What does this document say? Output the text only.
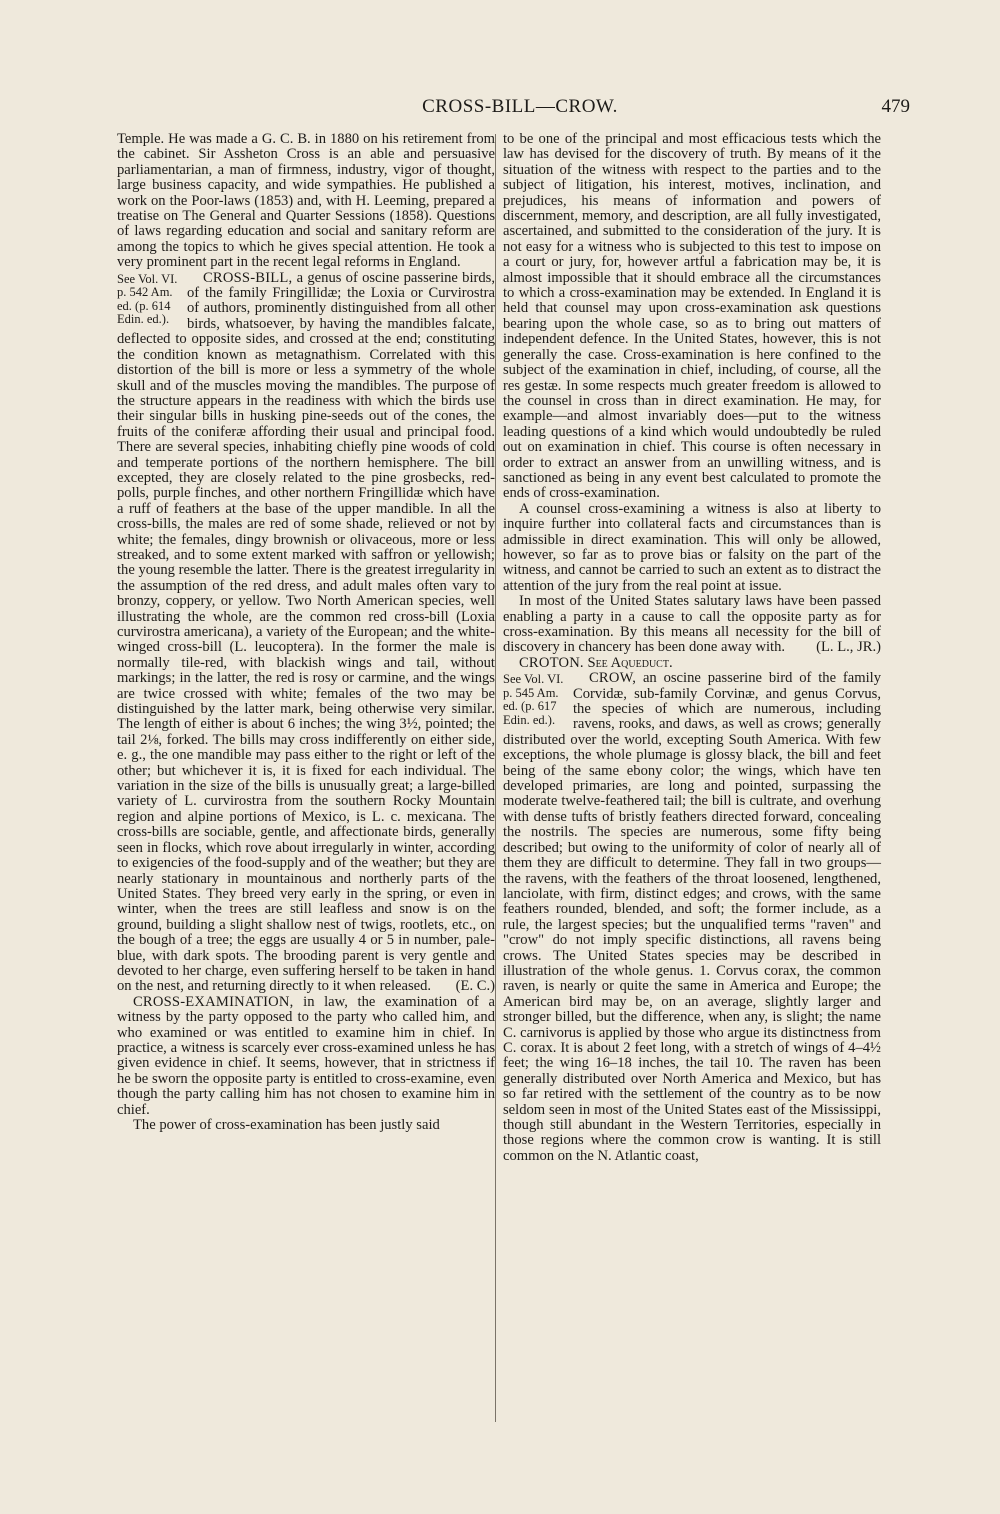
CROSS-BILL—CROW.	479

Temple. He was made a G. C. B. in 1880 on his retirement from the cabinet. Sir Assheton Cross is an able and persuasive parliamentarian, a man of firmness, industry, vigor of thought, large business capacity, and wide sympathies. He published a work on the Poor-laws (1853) and, with H. Leeming, prepared a treatise on The General and Quarter Sessions (1858). Questions of laws regarding education and social and sanitary reform are among the topics to which he gives special attention. He took a very prominent part in the recent legal reforms in England.

CROSS-BILL,
See Vol. VI. p. 542 Am. ed. (p. 614 Edin. ed.).
a genus of oscine passerine birds, of the family Fringillidæ; the Loxia or Curvirostra of authors, prominently distinguished from all other birds, whatsoever, by having the mandibles falcate, deflected to opposite sides, and crossed at the end; constituting the condition known as metagnathism. Correlated with this distortion of the bill is more or less a symmetry of the whole skull and of the muscles moving the mandibles. The purpose of the structure appears in the readiness with which the birds use their singular bills in husking pine-seeds out of the cones, the fruits of the coniferæ affording their usual and principal food. There are several species, inhabiting chiefly pine woods of cold and temperate portions of the northern hemisphere. The bill excepted, they are closely related to the pine grosbecks, red-polls, purple finches, and other northern Fringillidæ which have a ruff of feathers at the base of the upper mandible. In all the cross-bills, the males are red of some shade, relieved or not by white; the females, dingy brownish or olivaceous, more or less streaked, and to some extent marked with saffron or yellowish; the young resemble the latter. There is the greatest irregularity in the assumption of the red dress, and adult males often vary to bronzy, coppery, or yellow. Two North American species, well illustrating the whole, are the common red cross-bill (Loxia curvirostra americana), a variety of the European; and the white-winged cross-bill (L. leucoptera). In the former the male is normally tile-red, with blackish wings and tail, without markings; in the latter, the red is rosy or carmine, and the wings are twice crossed with white; females of the two may be distinguished by the latter mark, being otherwise very similar. The length of either is about 6 inches; the wing 3½, pointed; the tail 2⅛, forked. The bills may cross indifferently on either side, e. g., the one mandible may pass either to the right or left of the other; but whichever it is, it is fixed for each individual. The variation in the size of the bills is unusually great; a large-billed variety of L. curvirostra from the southern Rocky Mountain region and alpine portions of Mexico, is L. c. mexicana. The cross-bills are sociable, gentle, and affectionate birds, generally seen in flocks, which rove about irregularly in winter, according to exigencies of the food-supply and of the weather; but they are nearly stationary in mountainous and northerly parts of the United States. They breed very early in the spring, or even in winter, when the trees are still leafless and snow is on the ground, building a slight shallow nest of twigs, rootlets, etc., on the bough of a tree; the eggs are usually 4 or 5 in number, pale-blue, with dark spots. The brooding parent is very gentle and devoted to her charge, even suffering herself to be taken in hand on the nest, and returning directly to it when released.	(E. C.)

CROSS-EXAMINATION, in law, the examination of a witness by the party opposed to the party who called him, and who examined or was entitled to examine him in chief. In practice, a witness is scarcely ever cross-examined unless he has given evidence in chief. It seems, however, that in strictness if he be sworn the opposite party is entitled to cross-examine, even though the party calling him has not chosen to examine him in chief.

The power of cross-examination has been justly said

to be one of the principal and most efficacious tests which the law has devised for the discovery of truth. By means of it the situation of the witness with respect to the parties and to the subject of litigation, his interest, motives, inclination, and prejudices, his means of information and powers of discernment, memory, and description, are all fully investigated, ascertained, and submitted to the consideration of the jury. It is not easy for a witness who is subjected to this test to impose on a court or jury, for, however artful a fabrication may be, it is almost impossible that it should embrace all the circumstances to which a cross-examination may be extended. In England it is held that counsel may upon cross-examination ask questions bearing upon the whole case, so as to bring out matters of independent defence. In the United States, however, this is not generally the case. Cross-examination is here confined to the subject of the examination in chief, including, of course, all the res gestæ. In some respects much greater freedom is allowed to the counsel in cross than in direct examination. He may, for example—and almost invariably does—put to the witness leading questions of a kind which would undoubtedly be ruled out on examination in chief. This course is often necessary in order to extract an answer from an unwilling witness, and is sanctioned as being in any event best calculated to promote the ends of cross-examination.

A counsel cross-examining a witness is also at liberty to inquire further into collateral facts and circumstances than is admissible in direct examination. This will only be allowed, however, so far as to prove bias or falsity on the part of the witness, and cannot be carried to such an extent as to distract the attention of the jury from the real point at issue.

In most of the United States salutary laws have been passed enabling a party in a cause to call the opposite party as for cross-examination. By this means all necessity for the bill of discovery in chancery has been done away with.	(L. L., JR.)

CROTON. See Aqueduct.

CROW,
See Vol. VI. p. 545 Am. ed. (p. 617 Edin. ed.).
an oscine passerine bird of the family Corvidæ, sub-family Corvinæ, and genus Corvus, the species of which are numerous, including ravens, rooks, and daws, as well as crows; generally distributed over the world, excepting South America. With few exceptions, the whole plumage is glossy black, the bill and feet being of the same ebony color; the wings, which have ten developed primaries, are long and pointed, surpassing the moderate twelve-feathered tail; the bill is cultrate, and overhung with dense tufts of bristly feathers directed forward, concealing the nostrils. The species are numerous, some fifty being described; but owing to the uniformity of color of nearly all of them they are difficult to determine. They fall in two groups—the ravens, with the feathers of the throat loosened, lengthened, lanciolate, with firm, distinct edges; and crows, with the same feathers rounded, blended, and soft; the former include, as a rule, the largest species; but the unqualified terms "raven" and "crow" do not imply specific distinctions, all ravens being crows. The United States species may be described in illustration of the whole genus. 1. Corvus corax, the common raven, is nearly or quite the same in America and Europe; the American bird may be, on an average, slightly larger and stronger billed, but the difference, when any, is slight; the name C. carnivorus is applied by those who argue its distinctness from C. corax. It is about 2 feet long, with a stretch of wings of 4–4½ feet; the wing 16–18 inches, the tail 10. The raven has been generally distributed over North America and Mexico, but has so far retired with the settlement of the country as to be now seldom seen in most of the United States east of the Mississippi, though still abundant in the Western Territories, especially in those regions where the common crow is wanting. It is still common on the N. Atlantic coast,
